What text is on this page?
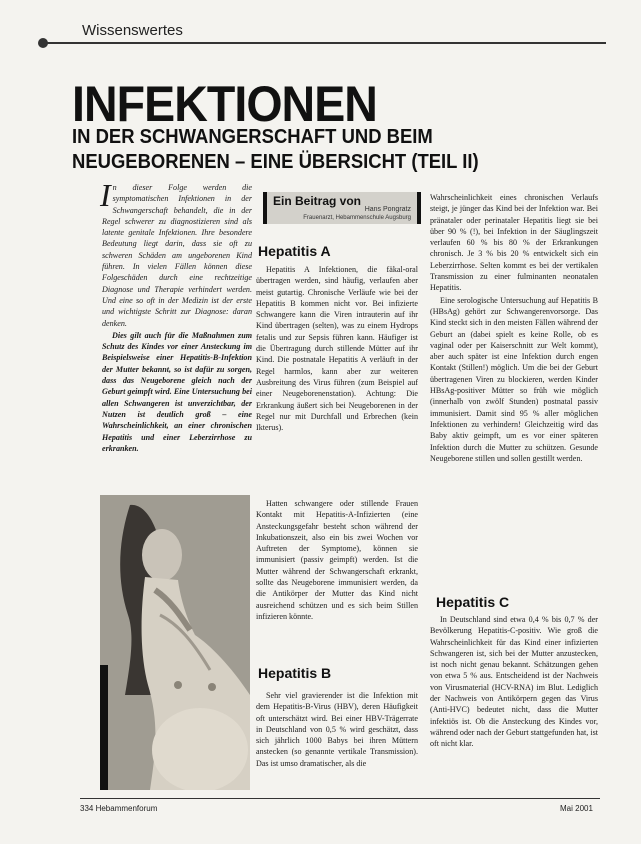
Wissenswertes
INFEKTIONEN
IN DER SCHWANGERSCHAFT UND BEIM
NEUGEBORENEN – EINE ÜBERSICHT (TEIL II)

In dieser Folge werden die symptomatischen Infektionen in der Schwangerschaft behandelt, die in der Regel schwerer zu diagnostizieren sind als latente genitale Infektionen. Ihre besondere Bedeutung liegt darin, dass sie oft zu schweren Schäden am ungeborenen Kind führen. In vielen Fällen können diese Folgeschäden durch eine rechtzeitige Diagnose und Therapie verhindert werden. Und eine so oft in der Medizin ist der erste und wichtigste Schritt zur Diagnose: daran denken.

Dies gilt auch für die Maßnahmen zum Schutz des Kindes vor einer Ansteckung im Beispielsweise einer Hepatitis-B-Infektion der Mutter bekannt, so ist dafür zu sorgen, dass das Neugeborene gleich nach der Geburt geimpft wird. Eine Untersuchung bei allen Schwangeren ist unverzichtbar, der Nutzen ist deutlich groß – eine Wahrscheinlichkeit, an einer chronischen Hepatitis und einer Leberzirrhose zu erkranken.

Ein Beitrag von
Hans Pongratz
Frauenarzt, Hebammenschule Augsburg
Hepatitis A

Hepatitis A Infektionen, die fäkal-oral übertragen werden, sind häufig, verlaufen aber meist gutartig. Chronische Verläufe wie bei der Hepatitis B kommen nicht vor. Bei infizierte Schwangere kann die Viren intrauterin auf ihr Kind übertragen (selten), was zu einem Hydrops fetalis und zur Sepsis führen kann. Häufiger ist die Übertragung durch stillende Mütter auf ihr Kind. Die postnatale Hepatitis A verläuft in der Regel harmlos, kann aber zur weiteren Ausbreitung des Virus führen (zum Beispiel auf einer Neugeborenenstation). Achtung: Die Erkrankung äußert sich bei Neugeborenen in der Regel nur mit Durchfall und Erbrechen (kein Ikterus).

Hatten schwangere oder stillende Frauen Kontakt mit Hepatitis-A-Infizierten (eine Ansteckungsgefahr besteht schon während der Inkubationszeit, also ein bis zwei Wochen vor Auftreten der Symptome), können sie immunisiert (passiv geimpft) werden. Ist die Mutter während der Schwangerschaft erkrankt, sollte das Neugeborene immunisiert werden, da die Antikörper der Mutter das Kind nicht ausreichend schützen und es sich beim Stillen infizieren könnte.

Hepatitis B

Sehr viel gravierender ist die Infektion mit dem Hepatitis-B-Virus (HBV), deren Häufigkeit oft unterschätzt wird. Bei einer HBV-Trägerrate in Deutschland von 0,5 % wird geschätzt, dass sich jährlich 1000 Babys bei ihren Müttern anstecken (so genannte vertikale Transmission). Das ist umso dramatischer, als die

Wahrscheinlichkeit eines chronischen Verlaufs steigt, je jünger das Kind bei der Infektion war. Bei pränataler oder perinataler Hepatitis liegt sie bei über 90 % (!), bei Infektion in der Säuglingszeit verlaufen 60 % bis 80 % der Erkrankungen chronisch. Je 3 % bis 20 % entwickelt sich ein Leberzirrhose. Selten kommt es bei der vertikalen Transmission zu einer fulminanten neonatalen Hepatitis.

Eine serologische Untersuchung auf Hepatitis B (HBsAg) gehört zur Schwangerenvorsorge. Das Kind steckt sich in den meisten Fällen während der Geburt an (dabei spielt es keine Rolle, ob es vaginal oder per Kaiserschnitt zur Welt kommt), aber auch später ist eine Infektion durch engen Kontakt (Stillen!) möglich. Um die bei der Geburt übertragenen Viren zu blockieren, werden Kinder HBsAg-positiver Mütter so früh wie möglich (innerhalb von zwölf Stunden) postnatal passiv immunisiert. Damit sind 95 % aller möglichen Infektionen zu verhindern! Gleichzeitig wird das Baby aktiv geimpft, um es vor einer späteren Infektion durch die Mutter zu schützen. Gesunde Neugeborene stillen und sollen gestillt werden.

Hepatitis C

In Deutschland sind etwa 0,4 % bis 0,7 % der Bevölkerung Hepatitis-C-positiv. Wie groß die Wahrscheinlichkeit für das Kind einer infizierten Schwangeren ist, sich bei der Mutter anzustecken, ist noch nicht genau bekannt. Schätzungen gehen von etwa 5 % aus. Entscheidend ist der Nachweis von Virusmaterial (HCV-RNA) im Blut. Lediglich der Nachweis von Antikörpern gegen das Virus (Anti-HVC) bedeutet nicht, dass die Mutter infektiös ist. Ob die Ansteckung des Kindes vor, während oder nach der Geburt stattgefunden hat, ist oft nicht klar.

334 Hebammenforum	Mai 2001
